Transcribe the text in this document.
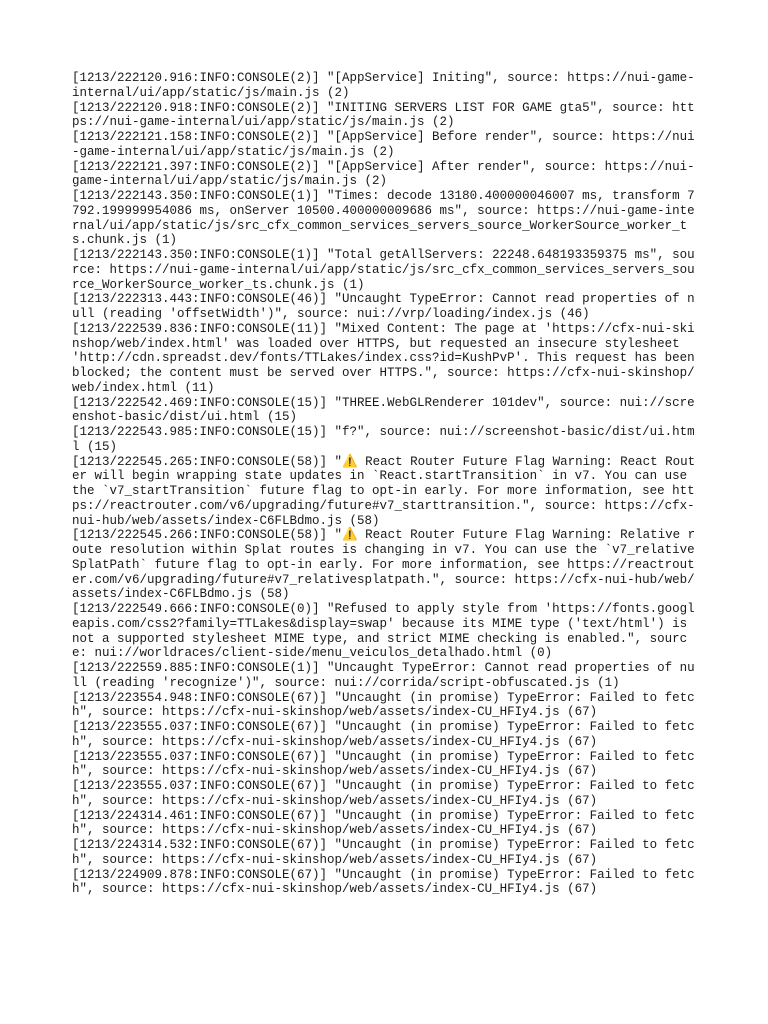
[1213/222120.916:INFO:CONSOLE(2)] "[AppService] Initing", source: https://nui-game-internal/ui/app/static/js/main.js (2)
[1213/222120.918:INFO:CONSOLE(2)] "INITING SERVERS LIST FOR GAME gta5", source: https://nui-game-internal/ui/app/static/js/main.js (2)
[1213/222121.158:INFO:CONSOLE(2)] "[AppService] Before render", source: https://nui-game-internal/ui/app/static/js/main.js (2)
[1213/222121.397:INFO:CONSOLE(2)] "[AppService] After render", source: https://nui-game-internal/ui/app/static/js/main.js (2)
[1213/222143.350:INFO:CONSOLE(1)] "Times: decode 13180.400000046007 ms, transform 7792.199999954086 ms, onServer 10500.400000009686 ms", source: https://nui-game-internal/ui/app/static/js/src_cfx_common_services_servers_source_WorkerSource_worker_ts.chunk.js (1)
[1213/222143.350:INFO:CONSOLE(1)] "Total getAllServers: 22248.648193359375 ms", source: https://nui-game-internal/ui/app/static/js/src_cfx_common_services_servers_source_WorkerSource_worker_ts.chunk.js (1)
[1213/222313.443:INFO:CONSOLE(46)] "Uncaught TypeError: Cannot read properties of null (reading 'offsetWidth')", source: nui://vrp/loading/index.js (46)
[1213/222539.836:INFO:CONSOLE(11)] "Mixed Content: The page at 'https://cfx-nui-skinshop/web/index.html' was loaded over HTTPS, but requested an insecure stylesheet 'http://cdn.spreadst.dev/fonts/TTLakes/index.css?id=KushPvP'. This request has been blocked; the content must be served over HTTPS.", source: https://cfx-nui-skinshop/web/index.html (11)
[1213/222542.469:INFO:CONSOLE(15)] "THREE.WebGLRenderer 101dev", source: nui://screenshot-basic/dist/ui.html (15)
[1213/222543.985:INFO:CONSOLE(15)] "f?", source: nui://screenshot-basic/dist/ui.html (15)
[1213/222545.265:INFO:CONSOLE(58)] "⚠️ React Router Future Flag Warning: React Router will begin wrapping state updates in `React.startTransition` in v7. You can use the `v7_startTransition` future flag to opt-in early. For more information, see https://reactrouter.com/v6/upgrading/future#v7_starttransition.", source: https://cfx-nui-hub/web/assets/index-C6FLBdmo.js (58)
[1213/222545.266:INFO:CONSOLE(58)] "⚠️ React Router Future Flag Warning: Relative route resolution within Splat routes is changing in v7. You can use the `v7_relativeSplatPath` future flag to opt-in early. For more information, see https://reactrouter.com/v6/upgrading/future#v7_relativesplatpath.", source: https://cfx-nui-hub/web/assets/index-C6FLBdmo.js (58)
[1213/222549.666:INFO:CONSOLE(0)] "Refused to apply style from 'https://fonts.googleapis.com/css2?family=TTLakes&display=swap' because its MIME type ('text/html') is not a supported stylesheet MIME type, and strict MIME checking is enabled.", source: nui://worldraces/client-side/menu_veiculos_detalhado.html (0)
[1213/222559.885:INFO:CONSOLE(1)] "Uncaught TypeError: Cannot read properties of null (reading 'recognize')", source: nui://corrida/script-obfuscated.js (1)
[1213/223554.948:INFO:CONSOLE(67)] "Uncaught (in promise) TypeError: Failed to fetch", source: https://cfx-nui-skinshop/web/assets/index-CU_HFIy4.js (67)
[1213/223555.037:INFO:CONSOLE(67)] "Uncaught (in promise) TypeError: Failed to fetch", source: https://cfx-nui-skinshop/web/assets/index-CU_HFIy4.js (67)
[1213/223555.037:INFO:CONSOLE(67)] "Uncaught (in promise) TypeError: Failed to fetch", source: https://cfx-nui-skinshop/web/assets/index-CU_HFIy4.js (67)
[1213/223555.037:INFO:CONSOLE(67)] "Uncaught (in promise) TypeError: Failed to fetch", source: https://cfx-nui-skinshop/web/assets/index-CU_HFIy4.js (67)
[1213/224314.461:INFO:CONSOLE(67)] "Uncaught (in promise) TypeError: Failed to fetch", source: https://cfx-nui-skinshop/web/assets/index-CU_HFIy4.js (67)
[1213/224314.532:INFO:CONSOLE(67)] "Uncaught (in promise) TypeError: Failed to fetch", source: https://cfx-nui-skinshop/web/assets/index-CU_HFIy4.js (67)
[1213/224909.878:INFO:CONSOLE(67)] "Uncaught (in promise) TypeError: Failed to fetch", source: https://cfx-nui-skinshop/web/assets/index-CU_HFIy4.js (67)
